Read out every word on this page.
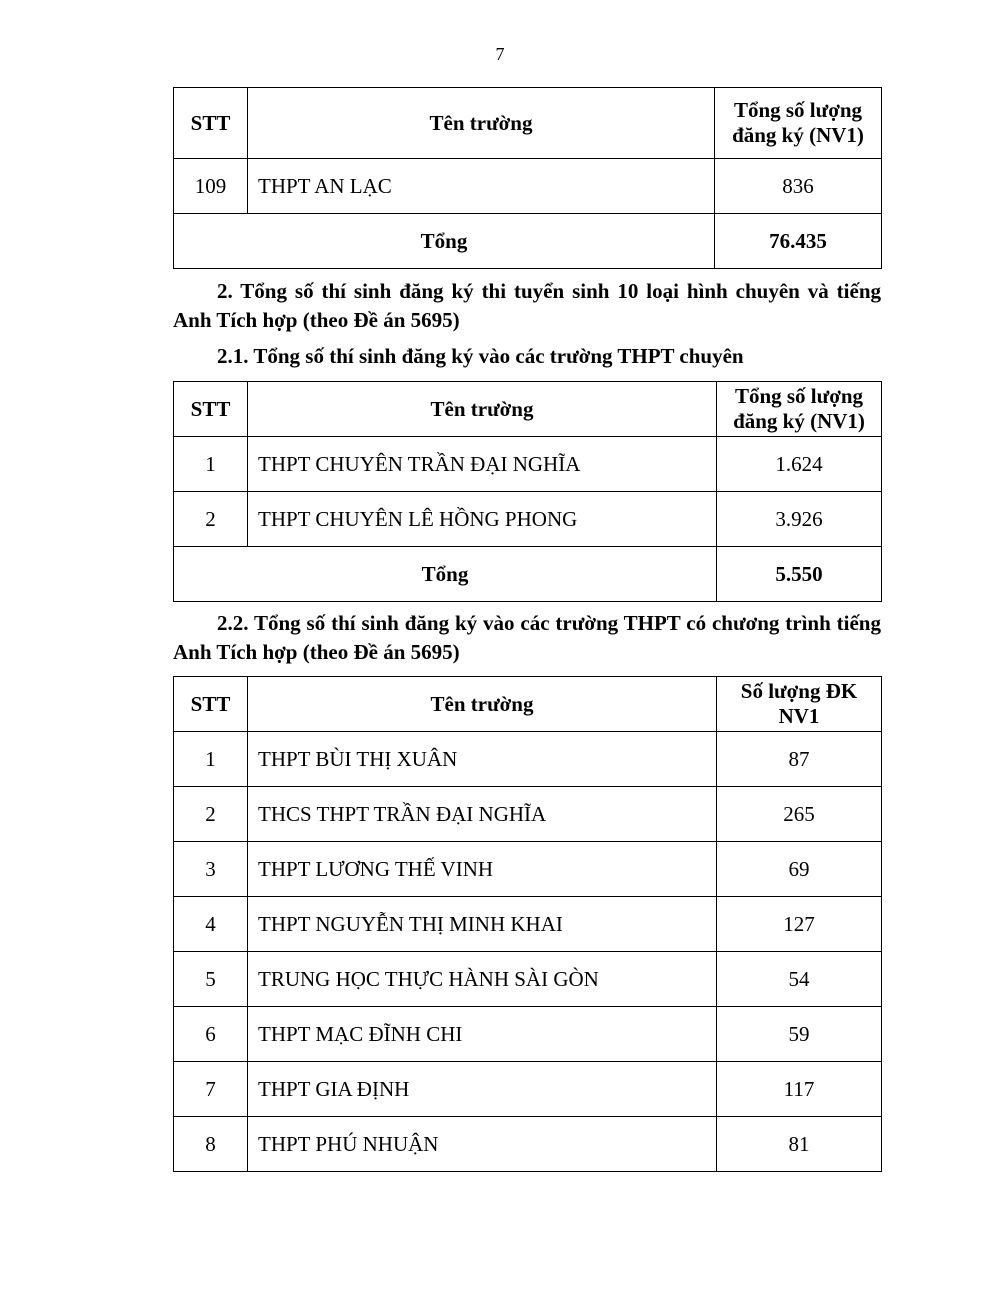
7
STT	Tên trường	Tổng số lượng đăng ký (NV1)
109	THPT AN LẠC	836
Tổng		76.435

2. Tổng số thí sinh đăng ký thi tuyển sinh 10 loại hình chuyên và tiếng Anh Tích hợp (theo Đề án 5695)

2.1. Tổng số thí sinh đăng ký vào các trường THPT chuyên

STT	Tên trường	Tổng số lượng đăng ký (NV1)
1	THPT CHUYÊN TRẦN ĐẠI NGHĨA	1.624
2	THPT CHUYÊN LÊ HỒNG PHONG	3.926
Tổng		5.550

2.2. Tổng số thí sinh đăng ký vào các trường THPT có chương trình tiếng Anh Tích hợp (theo Đề án 5695)

STT	Tên trường	Số lượng ĐK NV1
1	THPT BÙI THỊ XUÂN	87
2	THCS THPT TRẦN ĐẠI NGHĨA	265
3	THPT LƯƠNG THẾ VINH	69
4	THPT NGUYỄN THỊ MINH KHAI	127
5	TRUNG HỌC THỰC HÀNH SÀI GÒN	54
6	THPT MẠC ĐĨNH CHI	59
7	THPT GIA ĐỊNH	117
8	THPT PHÚ NHUẬN	81
